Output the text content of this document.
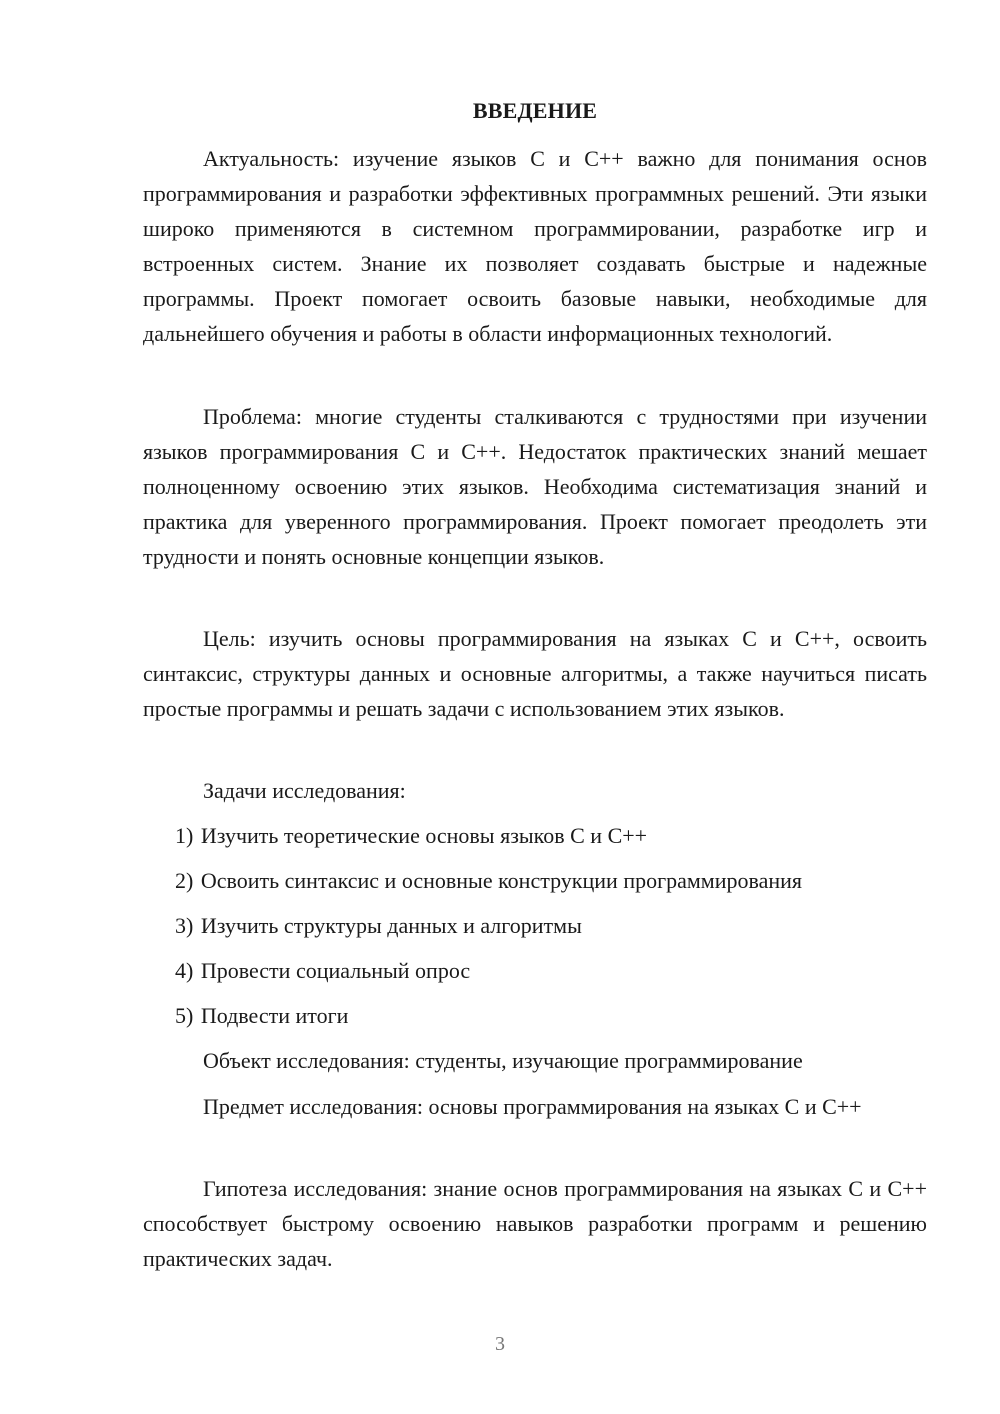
ВВЕДЕНИЕ

Актуальность: изучение языков С и С++ важно для понимания основ программирования и разработки эффективных программных решений. Эти языки широко применяются в системном программировании, разработке игр и встроенных систем. Знание их позволяет создавать быстрые и надежные программы. Проект помогает освоить базовые навыки, необходимые для дальнейшего обучения и работы в области информационных технологий.

Проблема: многие студенты сталкиваются с трудностями при изучении языков программирования С и С++. Недостаток практических знаний мешает полноценному освоению этих языков. Необходима систематизация знаний и практика для уверенного программирования. Проект помогает преодолеть эти трудности и понять основные концепции языков.

Цель: изучить основы программирования на языках С и С++, освоить синтаксис, структуры данных и основные алгоритмы, а также научиться писать простые программы и решать задачи с использованием этих языков.

Задачи исследования:
1) Изучить теоретические основы языков С и С++
2) Освоить синтаксис и основные конструкции программирования
3) Изучить структуры данных и алгоритмы
4) Провести социальный опрос
5) Подвести итоги
Объект исследования: студенты, изучающие программирование

Предмет исследования: основы программирования на языках С и С++

Гипотеза исследования: знание основ программирования на языках С и С++ способствует быстрому освоению навыков разработки программ и решению практических задач.

3
